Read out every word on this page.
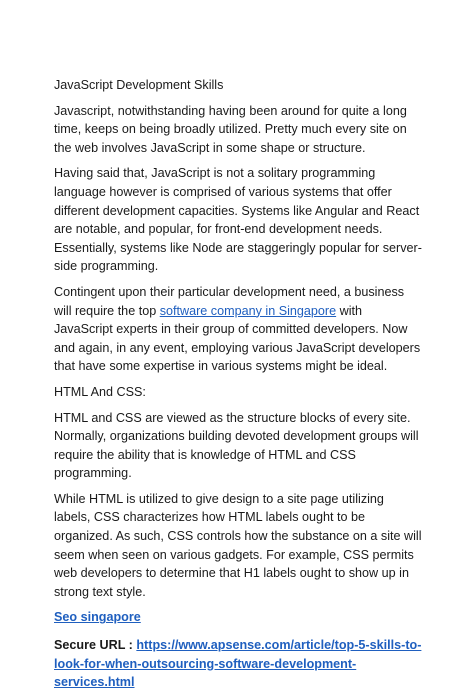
JavaScript Development Skills

Javascript, notwithstanding having been around for quite a long time, keeps on being broadly utilized. Pretty much every site on the web involves JavaScript in some shape or structure.

Having said that, JavaScript is not a solitary programming language however is comprised of various systems that offer different development capacities. Systems like Angular and React are notable, and popular, for front-end development needs. Essentially, systems like Node are staggeringly popular for server-side programming.

Contingent upon their particular development need, a business will require the top software company in Singapore with JavaScript experts in their group of committed developers. Now and again, in any event, employing various JavaScript developers that have some expertise in various systems might be ideal.

HTML And CSS:

HTML and CSS are viewed as the structure blocks of every site. Normally, organizations building devoted development groups will require the ability that is knowledge of HTML and CSS programming.

While HTML is utilized to give design to a site page utilizing labels, CSS characterizes how HTML labels ought to be organized. As such, CSS controls how the substance on a site will seem when seen on various gadgets. For example, CSS permits web developers to determine that H1 labels ought to show up in strong text style.

Seo singapore

Secure URL : https://www.apsense.com/article/top-5-skills-to-look-for-when-outsourcing-software-development-services.html
